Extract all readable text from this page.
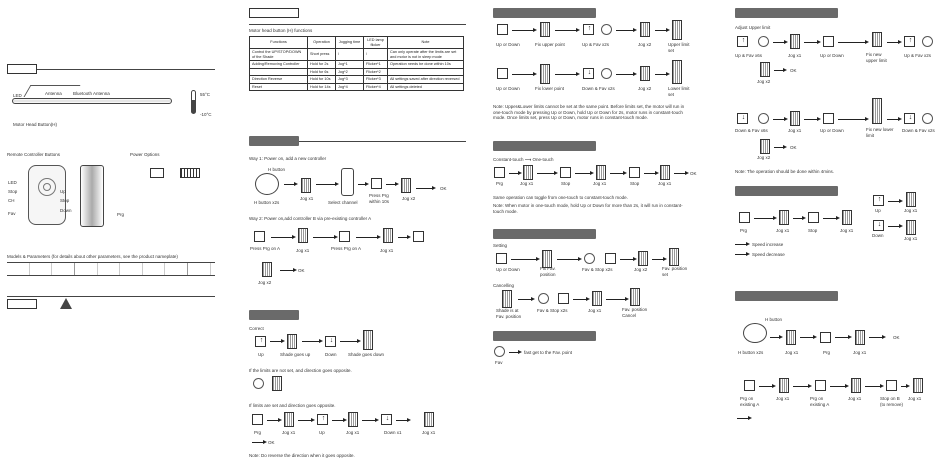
LED	Antenna Bluetooth Antenna
Motor Head Button(H)
55°C
-10°C
Remote Controller Buttons	Power Options
LED
Stop
CH
Fav
Up
Stop
Down
Prg
Models & Parameters (for details about other parameters, see the product nameplate)
Motor head button (H) functions
Functions	Operation	Jogging time	LED lamp flicker	Note
Control the UP/STOP/DOWN of the Shade	Short press	/	/	Can only operate after the limits are set and motor is not in sleep mode
Adding/Removing Controller	Hold for 2s	Jog*1	Flicker*1	Operation needs be done within 10s
	Hold for 6s	Jog*2	Flicker*2	
Direction Reverse	Hold for 10s	Jog*3	Flicker*3	All settings saved after direction reversed
Reset	Hold for 14s	Jog*4	Flicker*4	All settings deleted
Way 1: Power on, add a new controller
H button
H button x2s
Jog x1
Select channel
Press Prg within 10s	Jog x2
OK
Way 2: Power on,add controller B via pre-existing controller A
Press Prg on A	Jog x1	Press Prg on A	Jog x1
Jog x2
OK
Correct
↑	↓
Up	Shade goes up	Down	Shade goes down
If the limits are not set, and direction goes opposite.
If limits are set and direction goes opposite.
↑	↓
Prg	Jog x1	Up	Jog x1	Down x1	Jog x1
OK
Note: Do reverse the direction when it goes opposite.
↑
Up or Down	Fix upper point	Up & Fav x2s	Jog x2	Upper limit set
↓
Up or Down	Fix lower point	Down & Fav x2s	Jog x2	Lower limit set
Note: Upper&Lower limits cannot be set at the same point. Before limits set, the motor will run in one-touch mode by pressing Up or Down, hold Up or Down for 2s, motor runs in constant-touch mode. Once limits set, press Up or Down, motor runs in constant-touch mode.
Constant-touch ⟶ One-touch
Prg	Jog x1	Stop	Jog x1	Stop	Jog x1
OK
Same operation can toggle from one-touch to constant-touch mode.
Note: When motor in one-touch mode, hold Up or Down for more than 2s, it will run in constant-touch mode.
Setting
Up or Down	Fix Fav. position
Fav & Stop x2s	Jog x2	Fav. position set
Cancelling
Shade is at Fav. position
Fav & Stop x2s	Jog x1	Fav. position Cancel
fast get to the Fav. point
Fav
Adjust Upper limit
↑	↑
Up & Fav x6s	Jog x1	Up or Down	Fix new upper limit
Up & Fav x2s
Jog x2
OK
↓	↓
Down & Fav x6s	Jog x1	Up or Down	Fix new lower limit
Down & Fav x2s
Jog x2
OK
Note: The operation should be done within 4mins.
↑
↓
Prg	Jog x1	Stop	Jog x1
Up	Jog x1
Down
Jog x1
Speed increase
Speed decrease
H button
H button x2s	Jog x1	Prg	Jog x1
OK
Prg on existing A
Jog x1	Prg on existing A
Jog x1	Stop on B (to remove)
Jog x1
